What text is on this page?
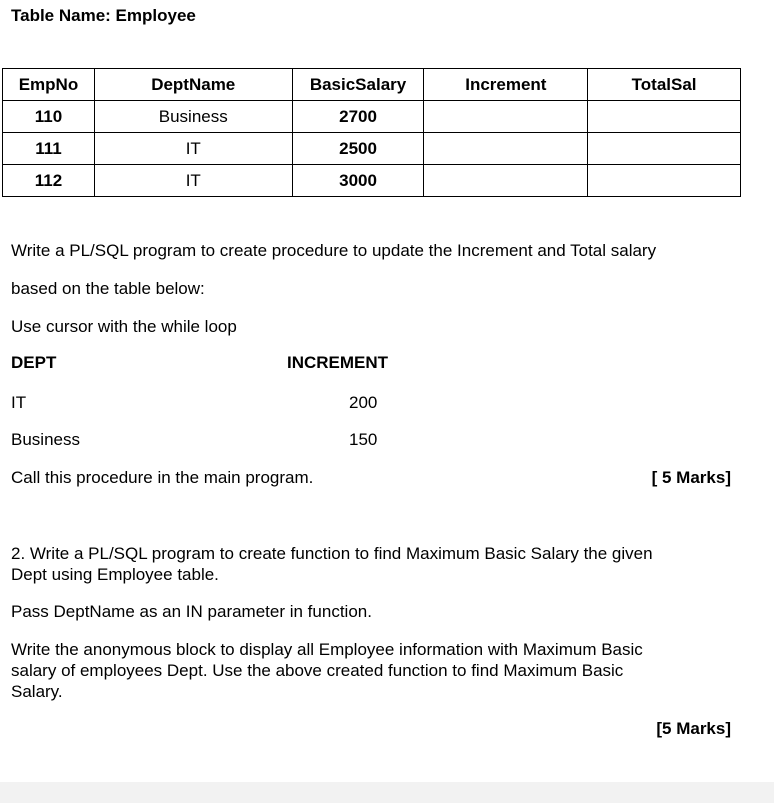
Table Name: Employee
EmpNo	DeptName	BasicSalary	Increment	TotalSal
110	Business	2700		
111	IT	2500		
112	IT	3000		
Write a PL/SQL program to create procedure to update the Increment and Total salary
based on the table below:
Use cursor with the while loop
DEPT	INCREMENT
IT	200
Business	150
Call this procedure in the main program.	[ 5 Marks]
2. Write a PL/SQL program to create function to find Maximum Basic Salary the given
Dept using Employee table.
Pass DeptName as an IN parameter in function.
Write the anonymous block to display all Employee information with Maximum Basic
salary of employees Dept. Use the above created function to find Maximum Basic
Salary.
[5 Marks]
